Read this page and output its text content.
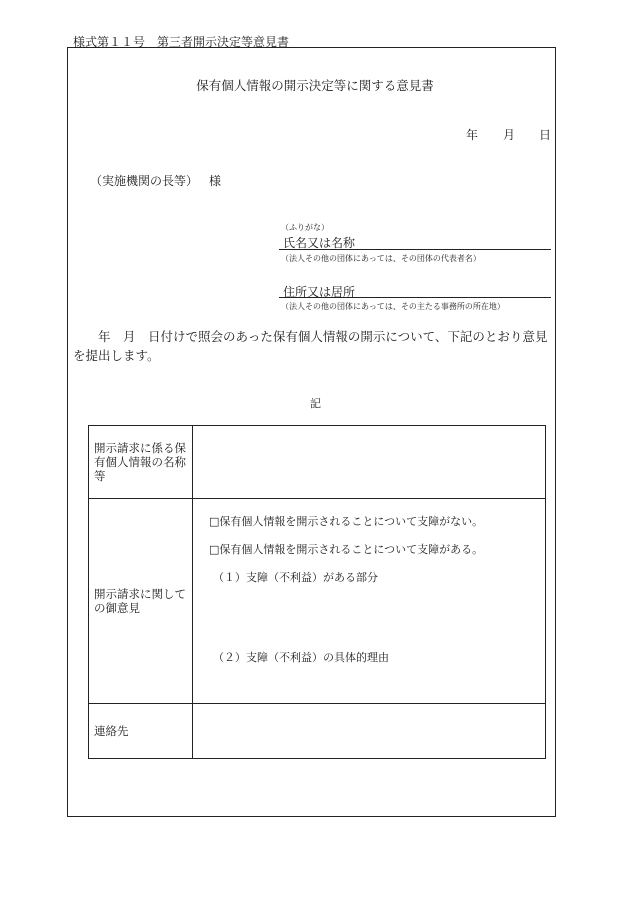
様式第１１号　第三者開示決定等意見書
保有個人情報の開示決定等に関する意見書
年 月 日
（実施機関の長等） 様
（ふりがな）
氏名又は名称
（法人その他の団体にあっては、その団体の代表者名）
住所又は居所
（法人その他の団体にあっては、その主たる事務所の所在地）
　　年　月　日付けで照会のあった保有個人情報の開示について、下記のとおり意見を提出します。
記
開示請求に係る保有個人情報の名称等	
開示請求に関しての御意見	□保有個人情報を開示されることについて支障がない。
□保有個人情報を開示されることについて支障がある。
（１）支障（不利益）がある部分
（２）支障（不利益）の具体的理由

連絡先	
